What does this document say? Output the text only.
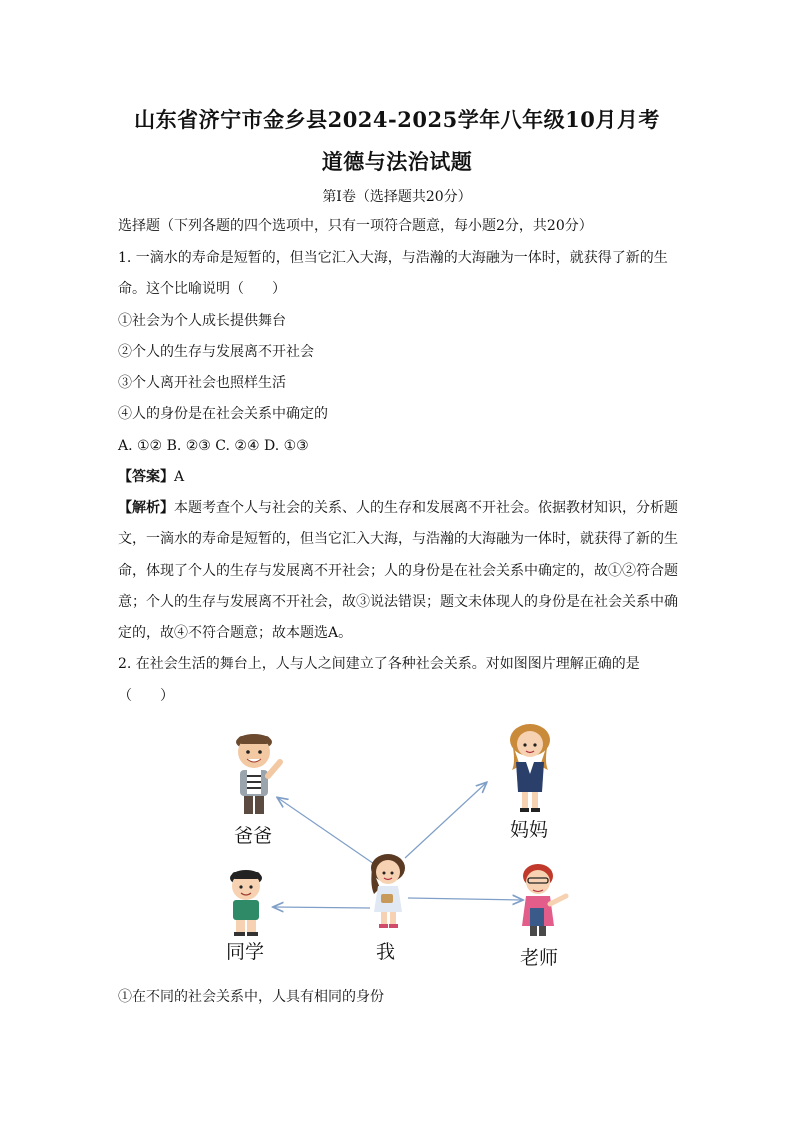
山东省济宁市金乡县2024-2025学年八年级10月月考
道德与法治试题
第Ⅰ卷（选择题共20分）
选择题（下列各题的四个选项中，只有一项符合题意，每小题2分，共20分）
1. 一滴水的寿命是短暂的，但当它汇入大海，与浩瀚的大海融为一体时，就获得了新的生
命。这个比喻说明（　　）
①社会为个人成长提供舞台
②个人的生存与发展离不开社会
③个人离开社会也照样生活
④人的身份是在社会关系中确定的
A. ①② B. ②③ C. ②④ D. ①③
【答案】A
【解析】本题考查个人与社会的关系、人的生存和发展离不开社会。依据教材知识，分析题
文，一滴水的寿命是短暂的，但当它汇入大海，与浩瀚的大海融为一体时，就获得了新的生
命，体现了个人的生存与发展离不开社会；人的身份是在社会关系中确定的，故①②符合题
意；个人的生存与发展离不开社会，故③说法错误；题文未体现人的身份是在社会关系中确
定的，故④不符合题意；故本题选A。
2. 在社会生活的舞台上，人与人之间建立了各种社会关系。对如图图片理解正确的是
（　　）
爸爸	妈妈
同学	我	老师
①在不同的社会关系中，人具有相同的身份
